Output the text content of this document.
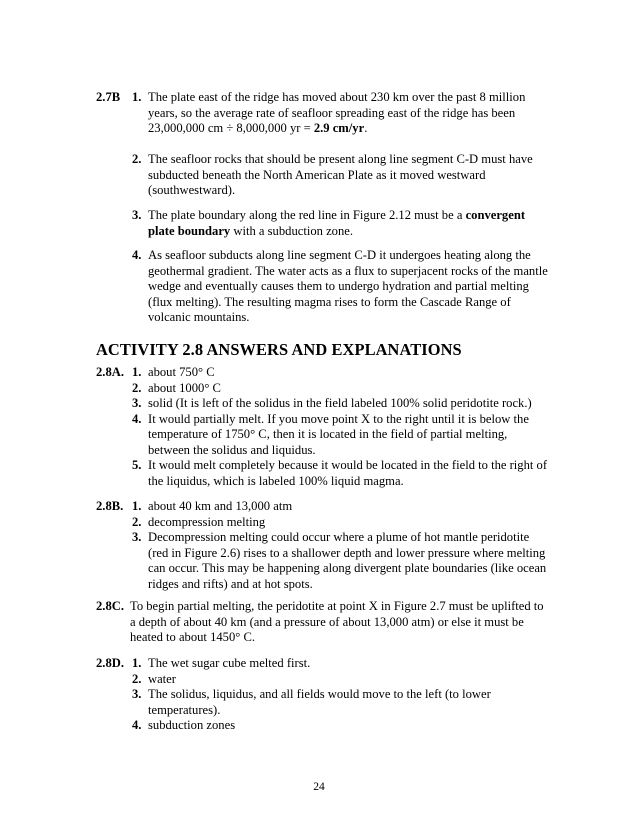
2.7B 1. The plate east of the ridge has moved about 230 km over the past 8 million years, so the average rate of seafloor spreading east of the ridge has been 23,000,000 cm ÷ 8,000,000 yr = 2.9 cm/yr.
2. The seafloor rocks that should be present along line segment C-D must have subducted beneath the North American Plate as it moved westward (southwestward).
3. The plate boundary along the red line in Figure 2.12 must be a convergent plate boundary with a subduction zone.
4. As seafloor subducts along line segment C-D it undergoes heating along the geothermal gradient. The water acts as a flux to superjacent rocks of the mantle wedge and eventually causes them to undergo hydration and partial melting (flux melting). The resulting magma rises to form the Cascade Range of volcanic mountains.
ACTIVITY 2.8 ANSWERS AND EXPLANATIONS
2.8A. 1. about 750° C
2. about 1000° C
3. solid (It is left of the solidus in the field labeled 100% solid peridotite rock.)
4. It would partially melt. If you move point X to the right until it is below the temperature of 1750° C, then it is located in the field of partial melting, between the solidus and liquidus.
5. It would melt completely because it would be located in the field to the right of the liquidus, which is labeled 100% liquid magma.
2.8B. 1. about 40 km and 13,000 atm
2. decompression melting
3. Decompression melting could occur where a plume of hot mantle peridotite (red in Figure 2.6) rises to a shallower depth and lower pressure where melting can occur. This may be happening along divergent plate boundaries (like ocean ridges and rifts) and at hot spots.
2.8C. To begin partial melting, the peridotite at point X in Figure 2.7 must be uplifted to a depth of about 40 km (and a pressure of about 13,000 atm) or else it must be heated to about 1450° C.
2.8D. 1. The wet sugar cube melted first.
2. water
3. The solidus, liquidus, and all fields would move to the left (to lower temperatures).
4. subduction zones
24
